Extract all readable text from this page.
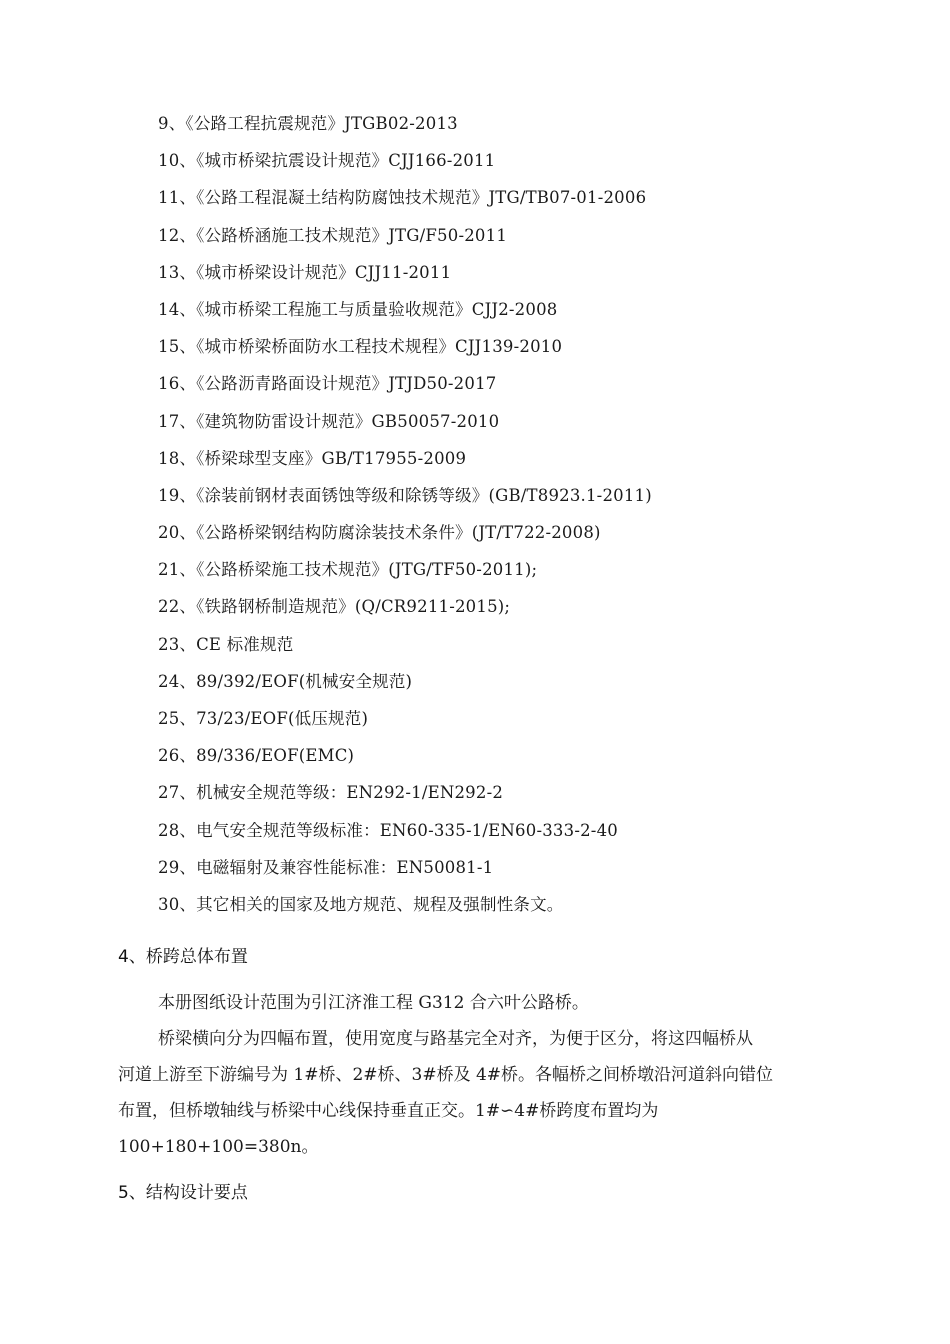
9、《公路工程抗震规范》JTGB02-2013
10、《城市桥梁抗震设计规范》CJJ166-2011
11、《公路工程混凝土结构防腐蚀技术规范》JTG/TB07-01-2006
12、《公路桥涵施工技术规范》JTG/F50-2011
13、《城市桥梁设计规范》CJJ11-2011
14、《城市桥梁工程施工与质量验收规范》CJJ2-2008
15、《城市桥梁桥面防水工程技术规程》CJJ139-2010
16、《公路沥青路面设计规范》JTJD50-2017
17、《建筑物防雷设计规范》GB50057-2010
18、《桥梁球型支座》GB/T17955-2009
19、《涂装前钢材表面锈蚀等级和除锈等级》(GB/T8923.1-2011)
20、《公路桥梁钢结构防腐涂装技术条件》(JT/T722-2008)
21、《公路桥梁施工技术规范》(JTG/TF50-2011);
22、《铁路钢桥制造规范》(Q/CR9211-2015);
23、CE 标准规范
24、89/392/EOF(机械安全规范)
25、73/23/EOF(低压规范)
26、89/336/EOF(EMC)
27、机械安全规范等级：EN292-1/EN292-2
28、电气安全规范等级标准：EN60-335-1/EN60-333-2-40
29、电磁辐射及兼容性能标准：EN50081-1
30、其它相关的国家及地方规范、规程及强制性条文。
4、桥跨总体布置
本册图纸设计范围为引江济淮工程 G312 合六叶公路桥。
桥梁横向分为四幅布置，使用宽度与路基完全对齐，为便于区分，将这四幅桥从
河道上游至下游编号为 1#桥、2#桥、3#桥及 4#桥。各幅桥之间桥墩沿河道斜向错位
布置，但桥墩轴线与桥梁中心线保持垂直正交。1#∽4#桥跨度布置均为
100+180+100=380n。
5、结构设计要点
